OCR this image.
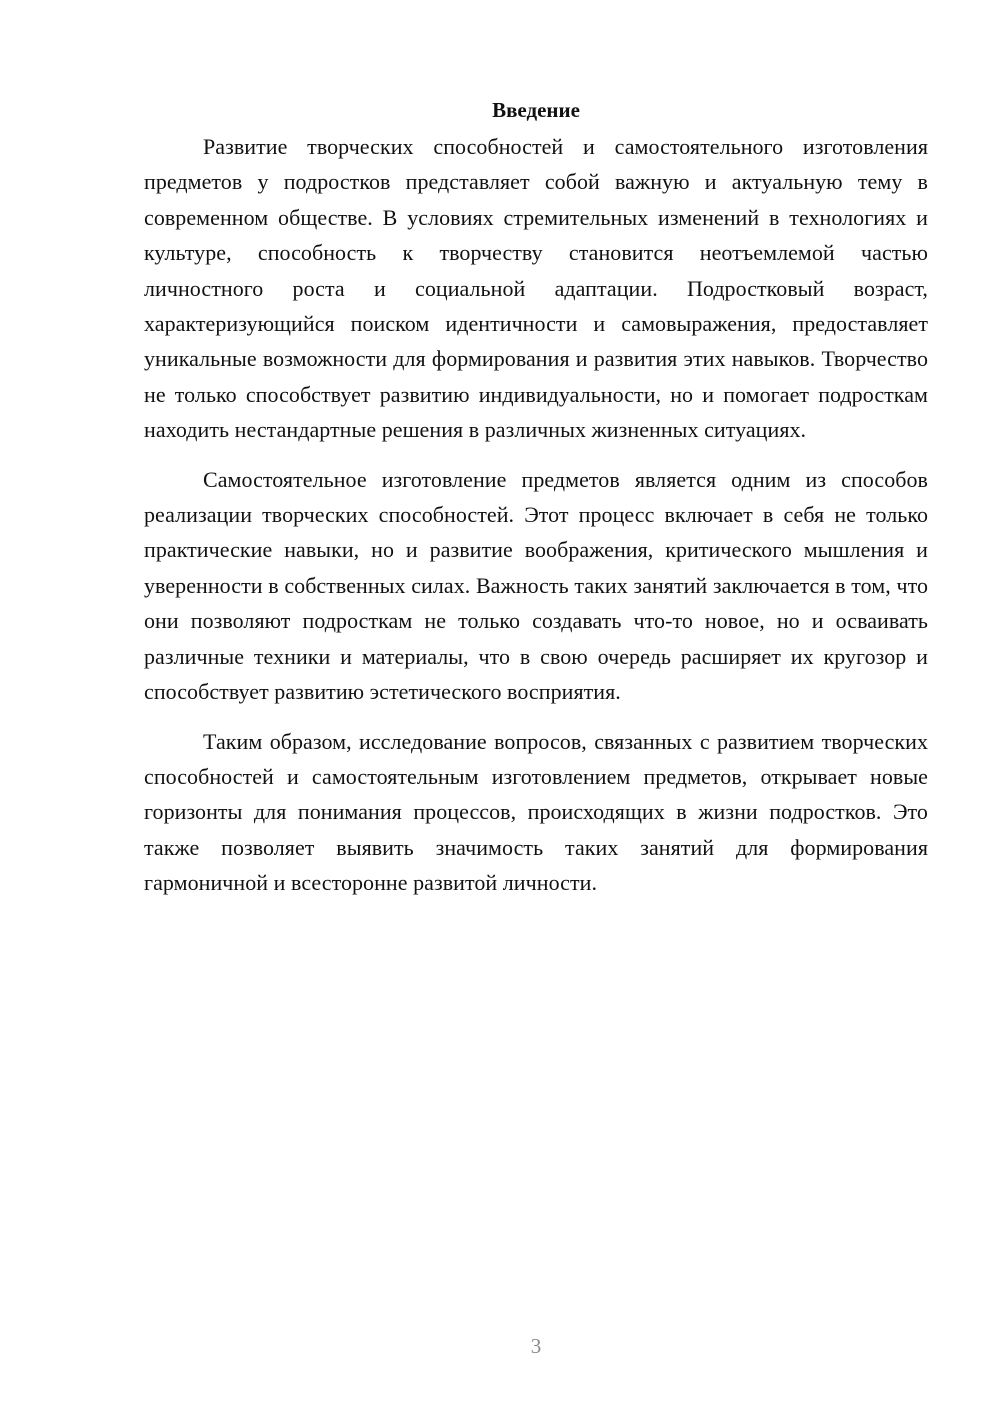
Введение

Развитие творческих способностей и самостоятельного изготовления предметов у подростков представляет собой важную и актуальную тему в современном обществе. В условиях стремительных изменений в технологиях и культуре, способность к творчеству становится неотъемлемой частью личностного роста и социальной адаптации. Подростковый возраст, характеризующийся поиском идентичности и самовыражения, предоставляет уникальные возможности для формирования и развития этих навыков. Творчество не только способствует развитию индивидуальности, но и помогает подросткам находить нестандартные решения в различных жизненных ситуациях.

Самостоятельное изготовление предметов является одним из способов реализации творческих способностей. Этот процесс включает в себя не только практические навыки, но и развитие воображения, критического мышления и уверенности в собственных силах. Важность таких занятий заключается в том, что они позволяют подросткам не только создавать что-то новое, но и осваивать различные техники и материалы, что в свою очередь расширяет их кругозор и способствует развитию эстетического восприятия.

Таким образом, исследование вопросов, связанных с развитием творческих способностей и самостоятельным изготовлением предметов, открывает новые горизонты для понимания процессов, происходящих в жизни подростков. Это также позволяет выявить значимость таких занятий для формирования гармоничной и всесторонне развитой личности.

3
